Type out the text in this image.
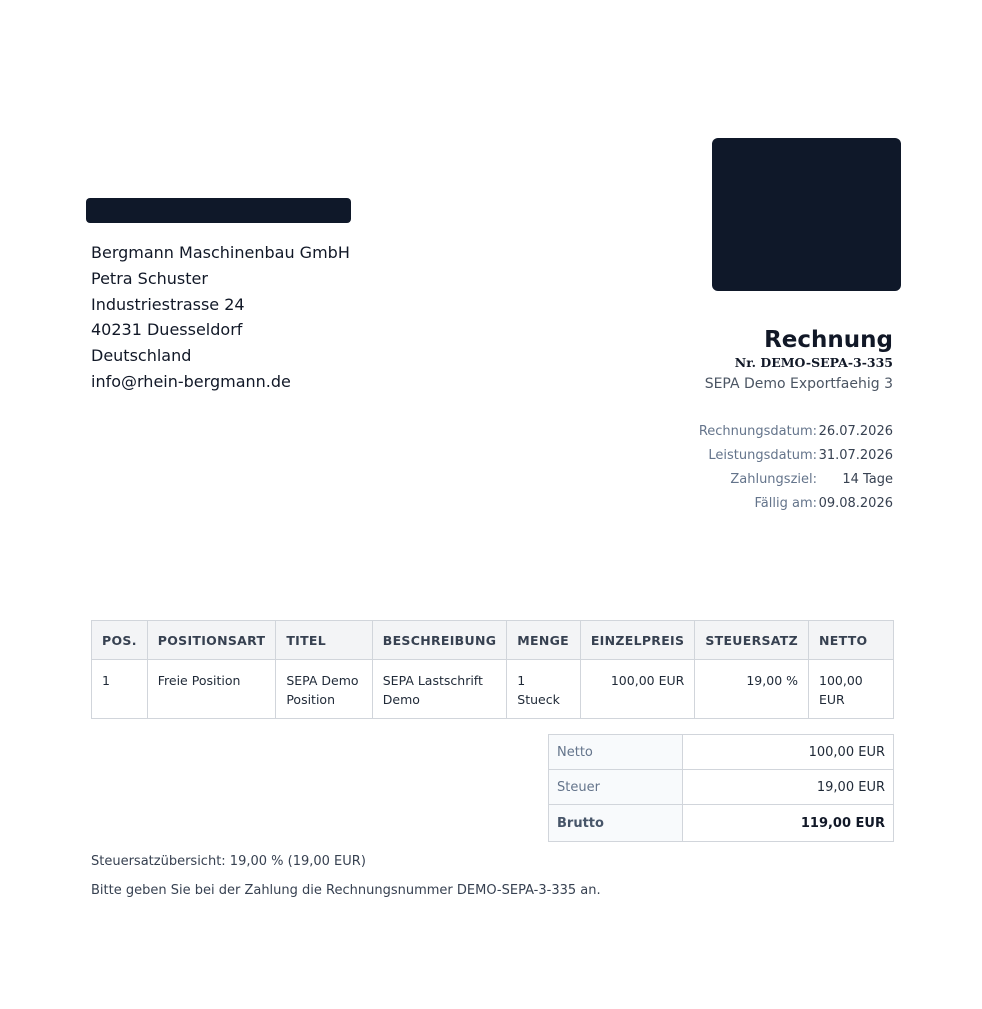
Bergmann Maschinenbau GmbH
Petra Schuster
Industriestrasse 24
40231 Duesseldorf
Deutschland
info@rhein-bergmann.de
Rechnung
Nr. DEMO-SEPA-3-335
SEPA Demo Exportfaehig 3
Rechnungsdatum: 26.07.2026
Leistungsdatum: 31.07.2026
Zahlungsziel:	14 Tage
Fällig am: 09.08.2026
POS.	POSITIONSART	TITEL	BESCHREIBUNG	MENGE	EINZELPREIS	STEUERSATZ	NETTO
1	Freie Position	SEPA Demo Position	SEPA Lastschrift Demo	1 Stueck	100,00 EUR	19,00 %	100,00 EUR
Netto	100,00 EUR
Steuer	19,00 EUR
Brutto	119,00 EUR
Steuersatzübersicht: 19,00 % (19,00 EUR)
Bitte geben Sie bei der Zahlung die Rechnungsnummer DEMO-SEPA-3-335 an.
